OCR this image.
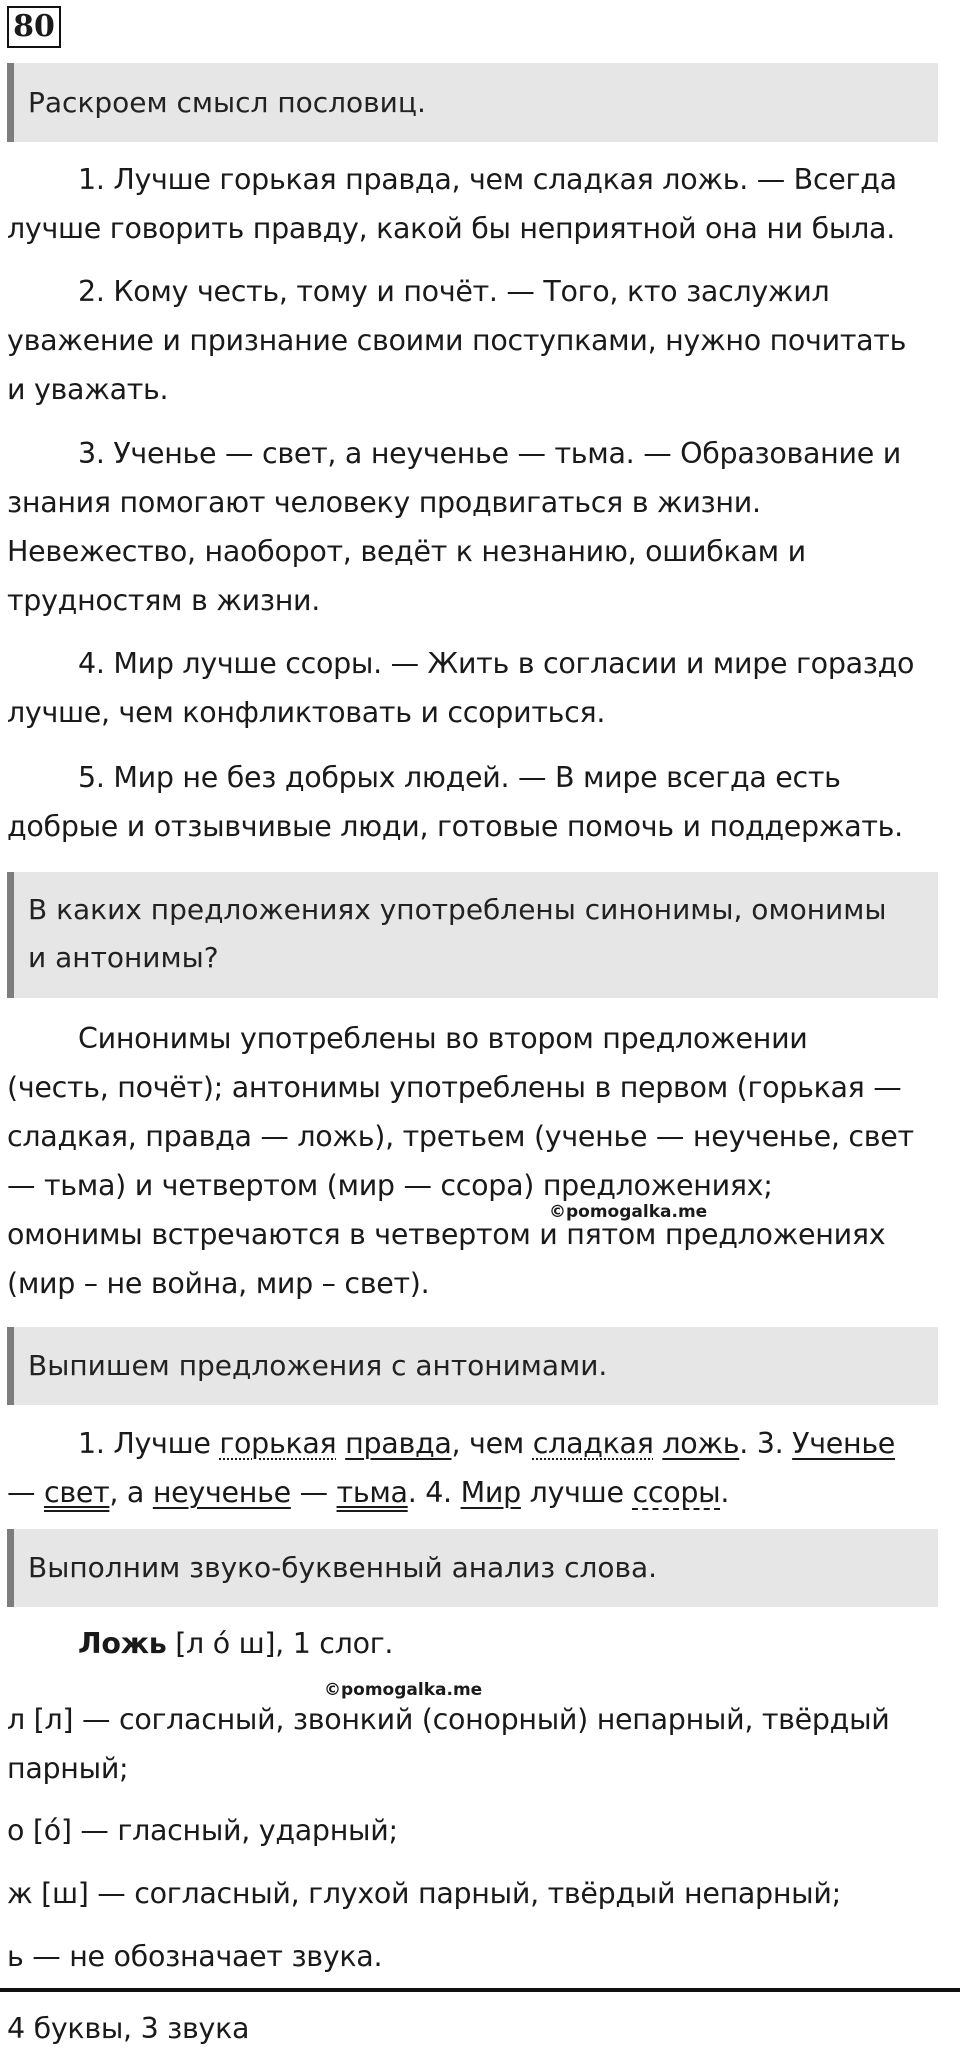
80
Раскроем смысл пословиц.
1. Лучше горькая правда, чем сладкая ложь. — Всегда
лучше говорить правду, какой бы неприятной она ни была.
2. Кому честь, тому и почёт. — Того, кто заслужил
уважение и признание своими поступками, нужно почитать
и уважать.
3. Ученье — свет, а неученье — тьма. — Образование и
знания помогают человеку продвигаться в жизни.
Невежество, наоборот, ведёт к незнанию, ошибкам и
трудностям в жизни.
4. Мир лучше ссоры. — Жить в согласии и мире гораздо
лучше, чем конфликтовать и ссориться.
5. Мир не без добрых людей. — В мире всегда есть
добрые и отзывчивые люди, готовые помочь и поддержать.
В каких предложениях употреблены синонимы, омонимы
и антонимы?
Синонимы употреблены во втором предложении
(честь, почёт); антонимы употреблены в первом (горькая —
сладкая, правда — ложь), третьем (ученье — неученье, свет
— тьма) и четвертом (мир — ссора) предложениях;
©pomogalka.me
омонимы встречаются в четвертом и пятом предложениях
(мир – не война, мир – свет).
Выпишем предложения с антонимами.
1. Лучше горькая правда, чем сладкая ложь. 3. Ученье
— свет, а неученье — тьма. 4. Мир лучше ссоры.
Выполним звуко-буквенный анализ слова.
Ложь [л ó ш], 1 слог.
©pomogalka.me
л [л] — согласный, звонкий (сонорный) непарный, твёрдый
парный;
о [о́] — гласный, ударный;
ж [ш] — согласный, глухой парный, твёрдый непарный;
ь — не обозначает звука.
4 буквы, 3 звука
